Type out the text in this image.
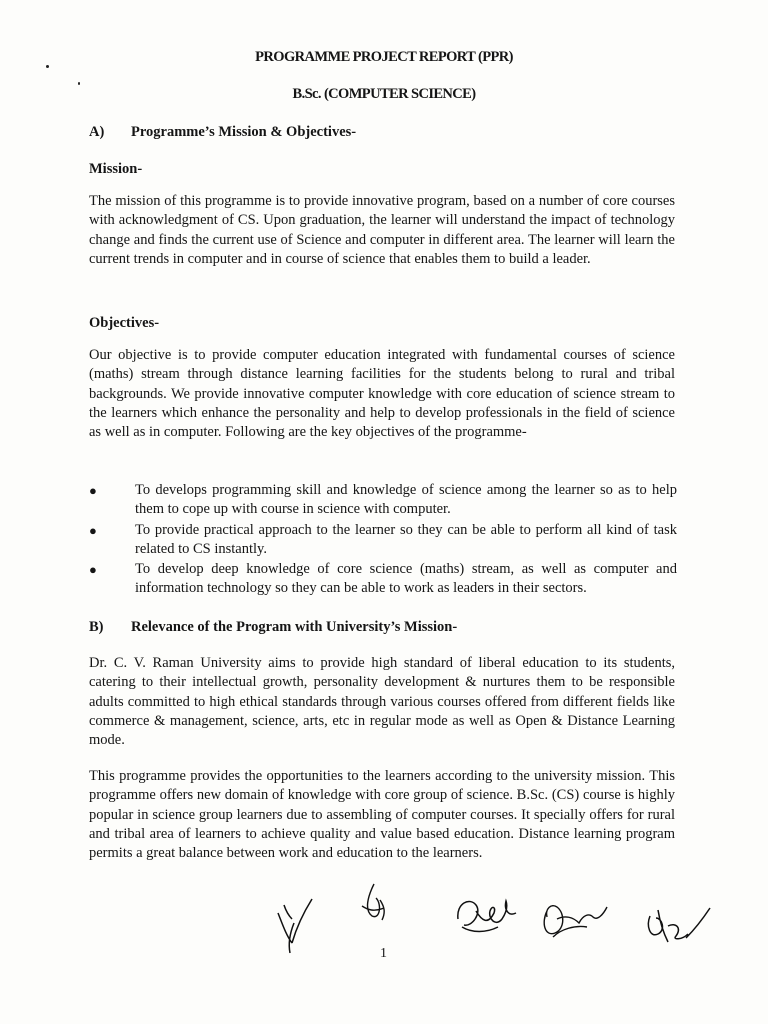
PROGRAMME PROJECT REPORT (PPR)
B.Sc. (COMPUTER SCIENCE)
A) Programme’s Mission & Objectives-
Mission-

The mission of this programme is to provide innovative program, based on a number of core courses with acknowledgment of CS. Upon graduation, the learner will understand the impact of technology change and finds the current use of Science and computer in different area. The learner will learn the current trends in computer and in course of science that enables them to build a leader.

Objectives-

Our objective is to provide computer education integrated with fundamental courses of science (maths) stream through distance learning facilities for the students belong to rural and tribal backgrounds. We provide innovative computer knowledge with core education of science stream to the learners which enhance the personality and help to develop professionals in the field of science as well as in computer. Following are the key objectives of the programme-

●	To develops programming skill and knowledge of science among the learner so as to help them to cope up with course in science with computer.
●	To provide practical approach to the learner so they can be able to perform all kind of task related to CS instantly.
●	To develop deep knowledge of core science (maths) stream, as well as computer and information technology so they can be able to work as leaders in their sectors.
B) Relevance of the Program with University’s Mission-

Dr. C. V. Raman University aims to provide high standard of liberal education to its students, catering to their intellectual growth, personality development & nurtures them to be responsible adults committed to high ethical standards through various courses offered from different fields like commerce & management, science, arts, etc in regular mode as well as Open & Distance Learning mode.

This programme provides the opportunities to the learners according to the university mission. This programme offers new domain of knowledge with core group of science. B.Sc. (CS) course is highly popular in science group learners due to assembling of computer courses. It specially offers for rural and tribal area of learners to achieve quality and value based education. Distance learning program permits a great balance between work and education to the learners.

1
